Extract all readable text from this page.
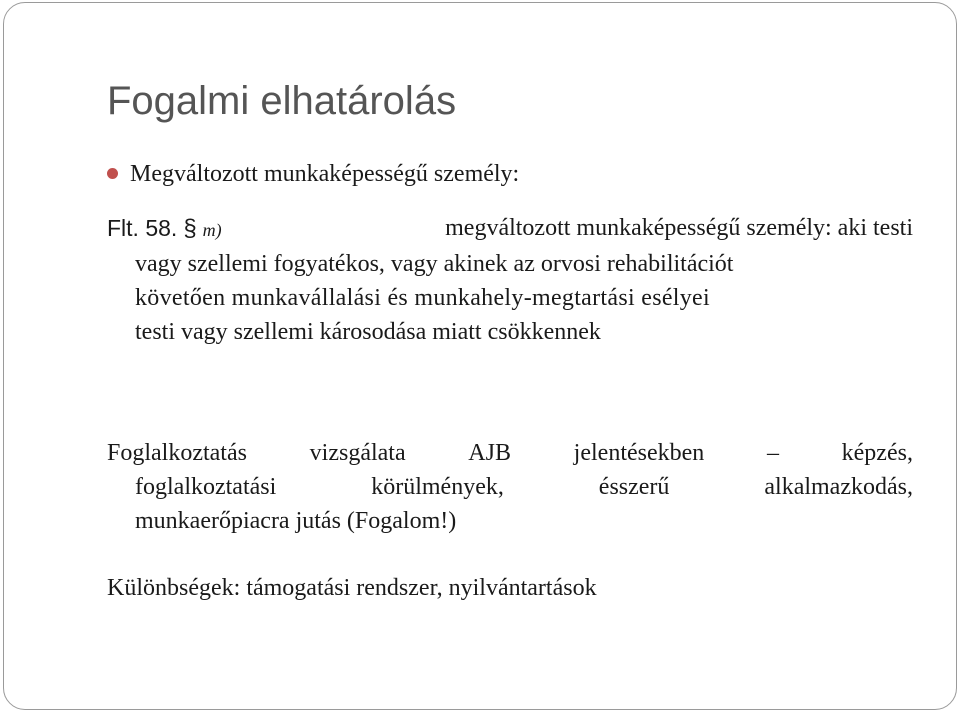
Fogalmi elhatárolás
Megváltozott munkaképességű személy:
Flt. 58. § m)	megváltozott munkaképességű személy: aki testi
vagy szellemi fogyatékos, vagy akinek az orvosi rehabilitációt
követően munkavállalási és munkahely-megtartási esélyei
testi vagy szellemi károsodása miatt csökkennek
Foglalkoztatás	vizsgálata	AJB	jelentésekben	–	képzés,
foglalkoztatási	körülmények,	ésszerű	alkalmazkodás,
munkaerőpiacra jutás (Fogalom!)
Különbségek: támogatási rendszer, nyilvántartások
